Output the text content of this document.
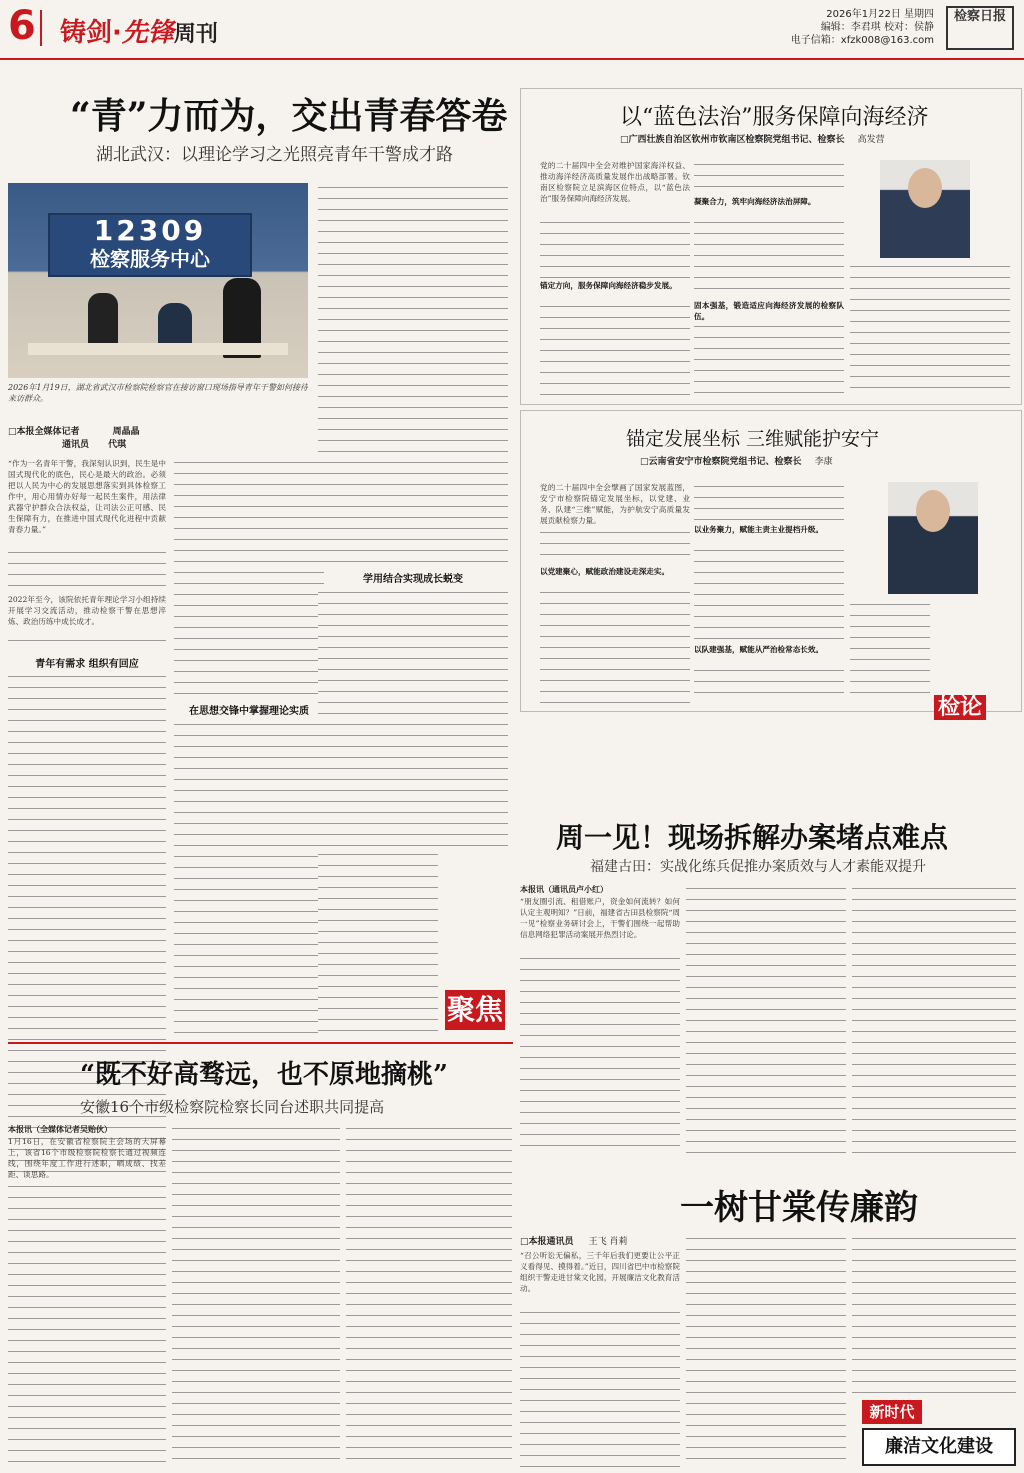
6 铸剑·先锋周刊
2026年1月22日 星期四
编辑：李君琪 校对：侯静
电子信箱：xfzk008@163.com
检察日报
“青”力而为，交出青春答卷
湖北武汉：以理论学习之光照亮青年干警成才路
12309
检察服务中心
2026年1月19日，湖北省武汉市检察院检察官在接访窗口现场指导青年干警如何接待来访群众。
□本报全媒体记者	周晶晶
通讯员 代琪
“作为一名青年干警，我深刻认识到，民生是中国式现代化的底色，民心是最大的政治。必须把以人民为中心的发展思想落实到具体检察工作中，用心用情办好每一起民生案件，用法律武器守护群众合法权益，让司法公正可感、民生保障有力，在推进中国式现代化进程中贡献青春力量。”
2022年至今，该院依托青年理论学习小组持续开展学习交流活动，推动检察干警在思想淬炼、政治历练中成长成才。
青年有需求 组织有回应
在思想交锋中掌握理论实质
学用结合实现成长蜕变
聚焦
“既不好高骛远，也不原地摘桃”
安徽16个市级检察院检察长同台述职共同提高
本报讯（全媒体记者吴贻伙）
1月16日，在安徽省检察院主会场的大屏幕上，该省16个市级检察院检察长通过视频连线，围绕年度工作进行述职，晒成绩、找差距、谈思路。
以“蓝色法治”服务保障向海经济
□广西壮族自治区钦州市钦南区检察院党组书记、检察长 高发营
党的二十届四中全会对维护国家海洋权益、推动海洋经济高质量发展作出战略部署。钦南区检察院立足滨海区位特点，以“蓝色法治”服务保障向海经济发展。
锚定方向，服务保障向海经济稳步发展。
凝聚合力，筑牢向海经济法治屏障。
固本强基，锻造适应向海经济发展的检察队伍。
锚定发展坐标 三维赋能护安宁
□云南省安宁市检察院党组书记、检察长 李康
党的二十届四中全会擘画了国家发展蓝图，安宁市检察院锚定发展坐标，以党建、业务、队建“三维”赋能，为护航安宁高质量发展贡献检察力量。
以党建聚心，赋能政治建设走深走实。
以业务聚力，赋能主责主业提档升级。
以队建强基，赋能从严治检常态长效。
检论
周一见！现场拆解办案堵点难点
福建古田：实战化练兵促推办案质效与人才素能双提升
本报讯（通讯员卢小红）
“朋友圈引流、租借账户，资金如何流转？如何认定主观明知？”日前，福建省古田县检察院“周一见”检察业务研讨会上，干警们围绕一起帮助信息网络犯罪活动案展开热烈讨论。
一树甘棠传廉韵
□本报通讯员 王飞 肖莉
“召公听讼无偏私，三千年后我们更要让公平正义看得见、摸得着。”近日，四川省巴中市检察院组织干警走进甘棠文化园，开展廉洁文化教育活动。
新时代
廉洁文化建设
